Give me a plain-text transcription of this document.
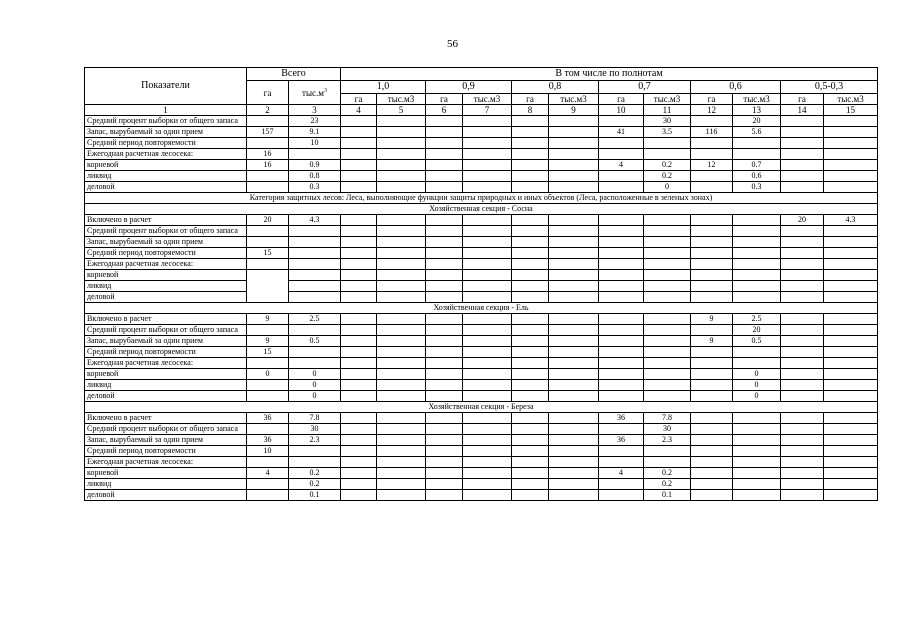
56
Показатели	Всего		В том числе по полнотам											
	га	$тыс.м^3$	1,0		0,9		0,8		0,7		0,6		0,5-0,3	
			га	тыс.м3	га	тыс.м3	га	тыс.м3	га	тыс.м3	га	тыс.м3	га	тыс.м3
1	2	3	4	5	6	7	8	9	10	11	12	13	14	15
Средний процент выборки от общего запаса		23								30		20		
Запас, вырубаемый за один прием	157	9.1							41	3.5	116	5.6		
Средний период повторяемости		10												
Ежегодная расчетная лесосека:	16													
корневой	16	0.9							4	0.2	12	0.7		
ликвид		0.8								0.2		0.6		
деловой		0.3								0		0.3		
Категория защитных лесов: Леса, выполняющие функции защиты природных и иных объектов (Леса, расположенные в зеленых зонах)														
Хозяйственная секция - Сосна														
Включено в расчет	20	4.3											20	4.3
Средний процент выборки от общего запаса														
Запас, вырубаемый за один прием														
Средний период повторяемости	15													
Ежегодная расчетная лесосека:														
корневой														
ликвид														
деловой														
Хозяйственная секция - Ель														
Включено в расчет	9	2.5									9	2.5		
Средний процент выборки от общего запаса												20		
Запас, вырубаемый за один прием	9	0.5									9	0.5		
Средний период повторяемости	15													
Ежегодная расчетная лесосека:														
корневой	0	0										0		
ликвид		0										0		
деловой		0										0		
Хозяйственная секция - Береза														
Включено в расчет	36	7.8							36	7.8				
Средний процент выборки от общего запаса		30								30				
Запас, вырубаемый за один прием	36	2.3							36	2.3				
Средний период повторяемости	10													
Ежегодная расчетная лесосека:														
корневой	4	0.2							4	0.2				
ликвид		0.2								0.2				
деловой		0.1								0.1				
